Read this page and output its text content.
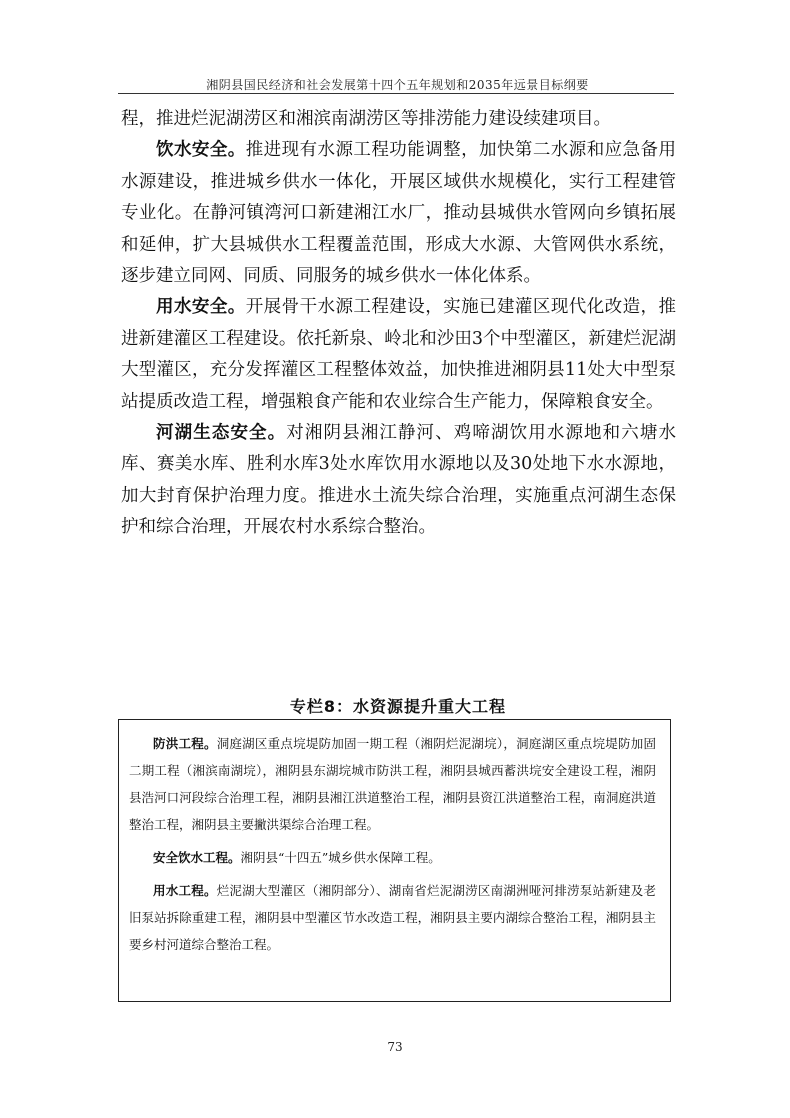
湘阴县国民经济和社会发展第十四个五年规划和2035年远景目标纲要

程，推进烂泥湖涝区和湘滨南湖涝区等排涝能力建设续建项目。

饮水安全。推进现有水源工程功能调整，加快第二水源和应急备用水源建设，推进城乡供水一体化，开展区域供水规模化，实行工程建管专业化。在静河镇湾河口新建湘江水厂，推动县城供水管网向乡镇拓展和延伸，扩大县城供水工程覆盖范围，形成大水源、大管网供水系统，逐步建立同网、同质、同服务的城乡供水一体化体系。

用水安全。开展骨干水源工程建设，实施已建灌区现代化改造，推进新建灌区工程建设。依托新泉、岭北和沙田3个中型灌区，新建烂泥湖大型灌区，充分发挥灌区工程整体效益，加快推进湘阴县11处大中型泵站提质改造工程，增强粮食产能和农业综合生产能力，保障粮食安全。

河湖生态安全。对湘阴县湘江静河、鸡啼湖饮用水源地和六塘水库、赛美水库、胜利水库3处水库饮用水源地以及30处地下水水源地，加大封育保护治理力度。推进水土流失综合治理，实施重点河湖生态保护和综合治理，开展农村水系综合整治。

专栏8：水资源提升重大工程

防洪工程。洞庭湖区重点垸堤防加固一期工程（湘阴烂泥湖垸），洞庭湖区重点垸堤防加固二期工程（湘滨南湖垸），湘阴县东湖垸城市防洪工程，湘阴县城西蓄洪垸安全建设工程，湘阴县浩河口河段综合治理工程，湘阴县湘江洪道整治工程，湘阴县资江洪道整治工程，南洞庭洪道整治工程，湘阴县主要撇洪渠综合治理工程。

安全饮水工程。湘阴县“十四五”城乡供水保障工程。

用水工程。烂泥湖大型灌区（湘阴部分）、湖南省烂泥湖涝区南湖洲哑河排涝泵站新建及老旧泵站拆除重建工程，湘阴县中型灌区节水改造工程，湘阴县主要内湖综合整治工程，湘阴县主要乡村河道综合整治工程。

73
